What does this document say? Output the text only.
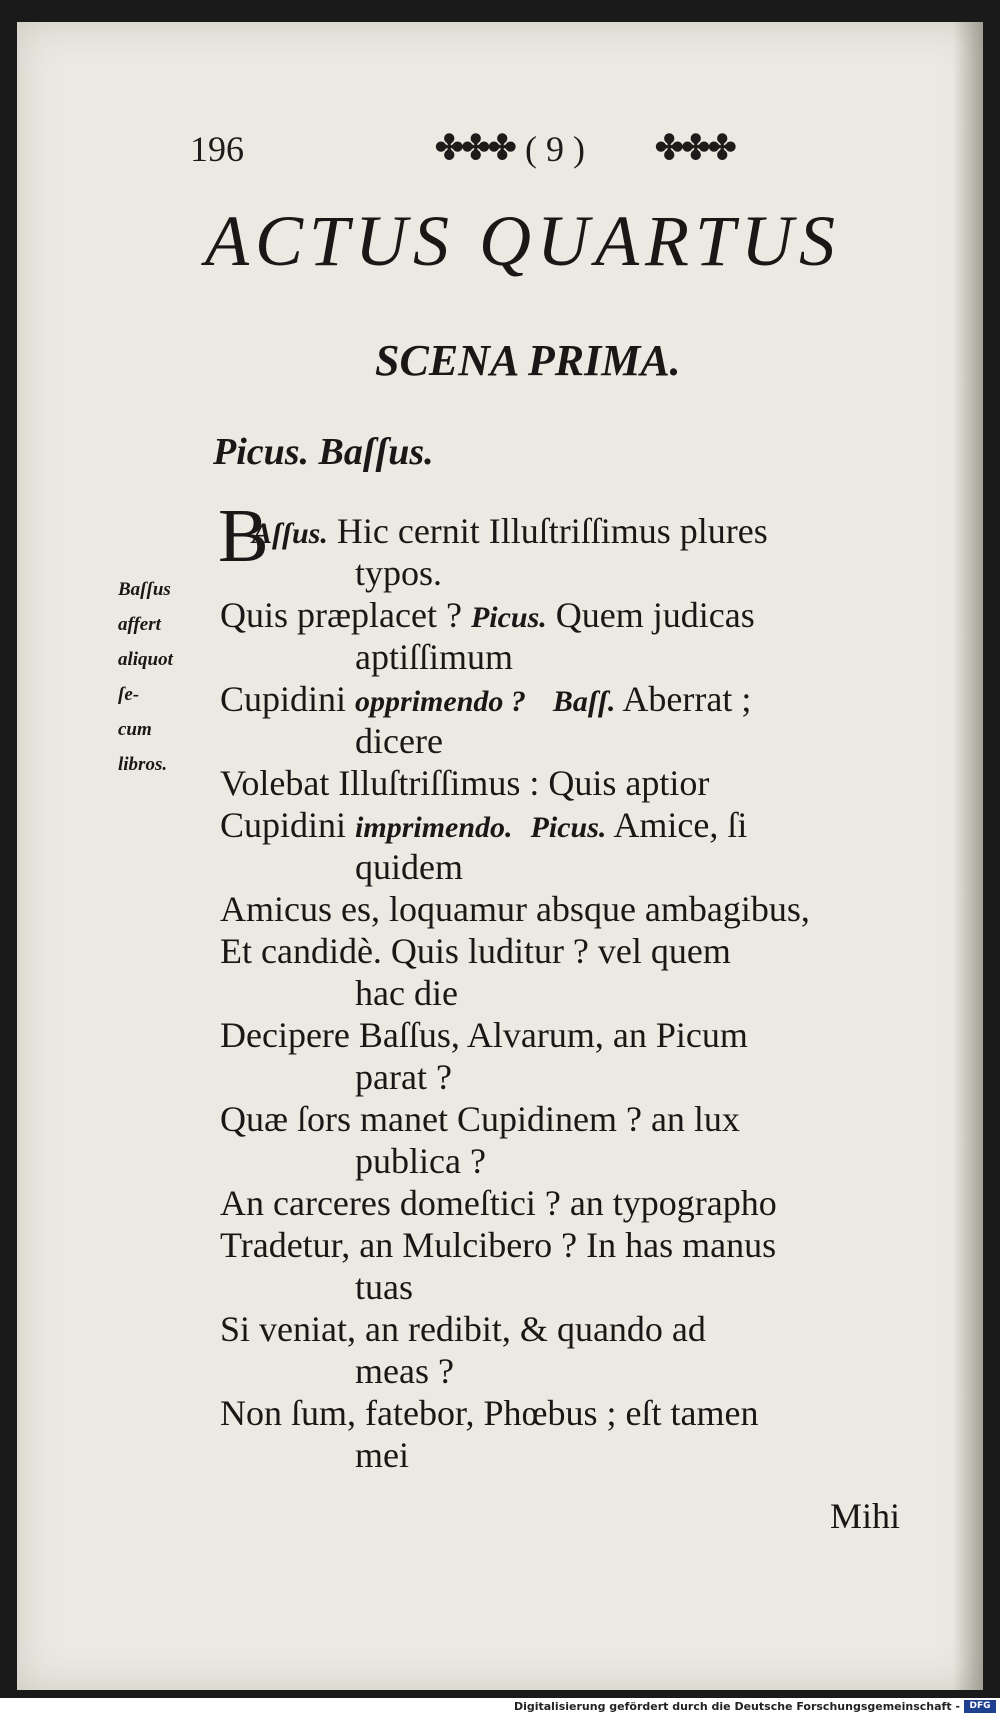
196	✤✤✤ ( 9 ) ✤✤✤
ACTUS QUARTUS
SCENA PRIMA.
Picus. Baſſus.
Baſſus
affert
aliquot
ſe-
cum
libros.
B
Aſſus. Hic cernit Illuſtriſſimus plures
typos.
Quis præplacet ? Picus. Quem judicas
aptiſſimum
Cupidini opprimendo ? Baſſ. Aberrat ;
dicere
Volebat Illuſtriſſimus : Quis aptior
Cupidini imprimendo. Picus. Amice, ſi
quidem
Amicus es, loquamur absque ambagibus,
Et candidè. Quis luditur ? vel quem
hac die
Decipere Baſſus, Alvarum, an Picum
parat ?
Quæ ſors manet Cupidinem ? an lux
publica ?
An carceres domeſtici ? an typographo
Tradetur, an Mulcibero ? In has manus
tuas
Si veniat, an redibit, & quando ad
meas ?
Non ſum, fatebor, Phœbus ; eſt tamen
mei
Mihi
Digitalisierung gefördert durch die Deutsche Forschungsgemeinschaft -	DFG
